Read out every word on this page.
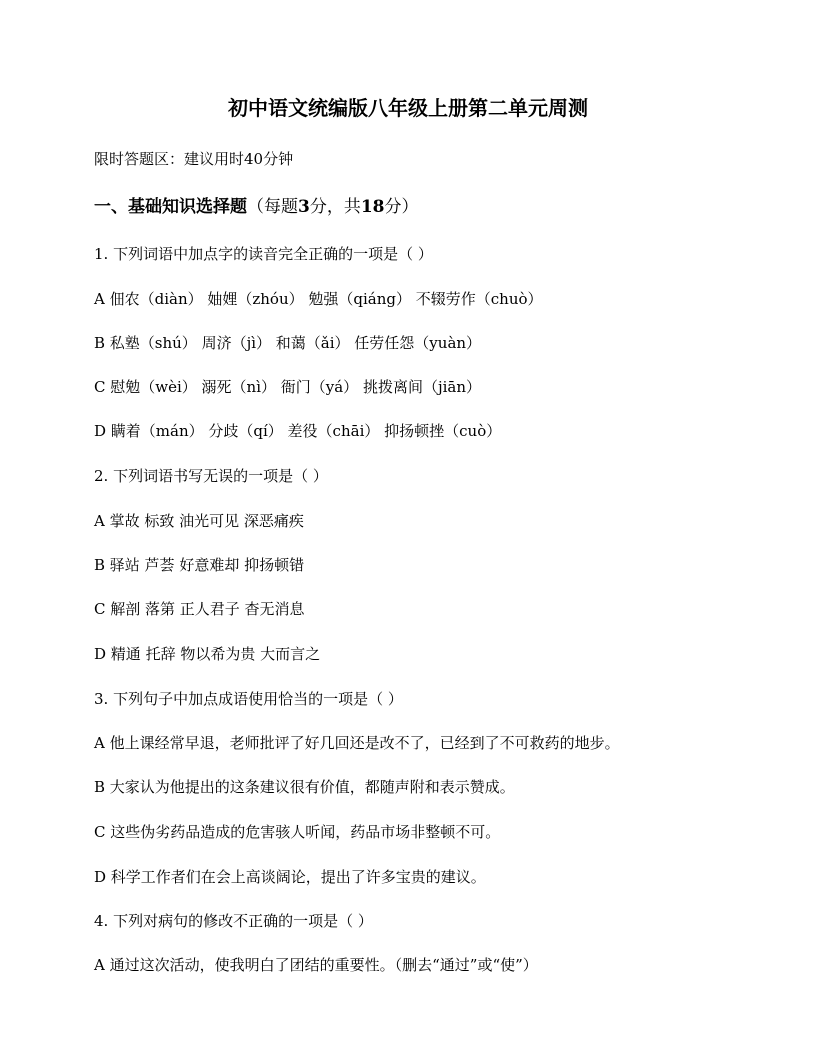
初中语文统编版八年级上册第二单元周测
限时答题区：建议用时40分钟
一、基础知识选择题（每题3分，共18分）
1. 下列词语中加点字的读音完全正确的一项是（ ）
A 佃农（diàn） 妯娌（zhóu） 勉强（qiáng） 不辍劳作（chuò）
B 私塾（shú） 周济（jì） 和蔼（ǎi） 任劳任怨（yuàn）
C 慰勉（wèi） 溺死（nì） 衙门（yá） 挑拨离间（jiān）
D 瞒着（mán） 分歧（qí） 差役（chāi） 抑扬顿挫（cuò）
2. 下列词语书写无误的一项是（ ）
A 掌故 标致 油光可见 深恶痛疾
B 驿站 芦荟 好意难却 抑扬顿错
C 解剖 落第 正人君子 杳无消息
D 精通 托辞 物以希为贵 大而言之
3. 下列句子中加点成语使用恰当的一项是（ ）
A 他上课经常早退，老师批评了好几回还是改不了，已经到了不可救药的地步。
B 大家认为他提出的这条建议很有价值，都随声附和表示赞成。
C 这些伪劣药品造成的危害骇人听闻，药品市场非整顿不可。
D 科学工作者们在会上高谈阔论，提出了许多宝贵的建议。
4. 下列对病句的修改不正确的一项是（ ）
A 通过这次活动，使我明白了团结的重要性。（删去“通过”或“使”）
